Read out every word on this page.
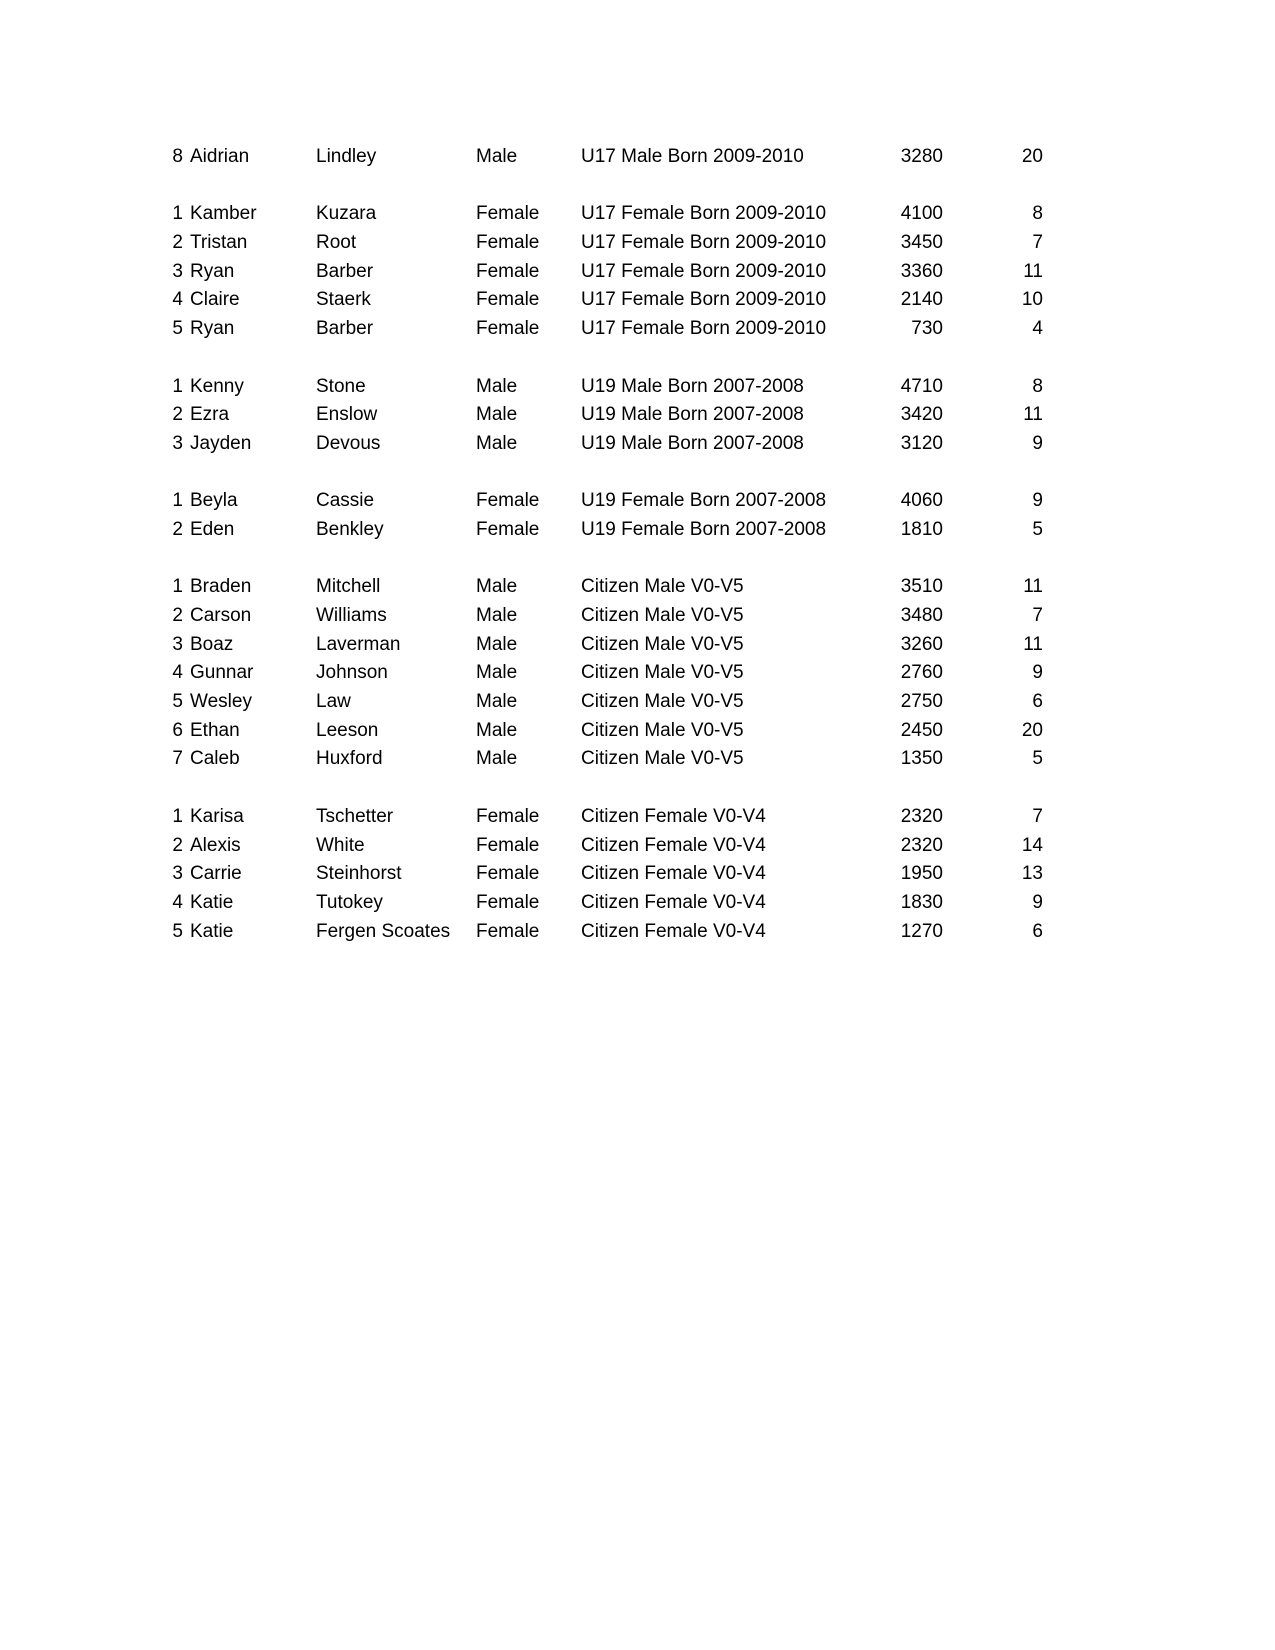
8 Aidrian	Lindley	Male	U17 Male Born 2009-2010	3280	20
1 Kamber	Kuzara	Female	U17 Female Born 2009-2010	4100	8
2 Tristan	Root	Female	U17 Female Born 2009-2010	3450	7
3 Ryan	Barber	Female	U17 Female Born 2009-2010	3360	11
4 Claire	Staerk	Female	U17 Female Born 2009-2010	2140	10
5 Ryan	Barber	Female	U17 Female Born 2009-2010	730	4
1 Kenny	Stone	Male	U19 Male Born 2007-2008	4710	8
2 Ezra	Enslow	Male	U19 Male Born 2007-2008	3420	11
3 Jayden	Devous	Male	U19 Male Born 2007-2008	3120	9
1 Beyla	Cassie	Female	U19 Female Born 2007-2008	4060	9
2 Eden	Benkley	Female	U19 Female Born 2007-2008	1810	5
1 Braden	Mitchell	Male	Citizen Male V0-V5	3510	11
2 Carson	Williams	Male	Citizen Male V0-V5	3480	7
3 Boaz	Laverman	Male	Citizen Male V0-V5	3260	11
4 Gunnar	Johnson	Male	Citizen Male V0-V5	2760	9
5 Wesley	Law	Male	Citizen Male V0-V5	2750	6
6 Ethan	Leeson	Male	Citizen Male V0-V5	2450	20
7 Caleb	Huxford	Male	Citizen Male V0-V5	1350	5
1 Karisa	Tschetter	Female	Citizen Female V0-V4	2320	7
2 Alexis	White	Female	Citizen Female V0-V4	2320	14
3 Carrie	Steinhorst	Female	Citizen Female V0-V4	1950	13
4 Katie	Tutokey	Female	Citizen Female V0-V4	1830	9
5 Katie	Fergen Scoates	Female	Citizen Female V0-V4	1270	6
